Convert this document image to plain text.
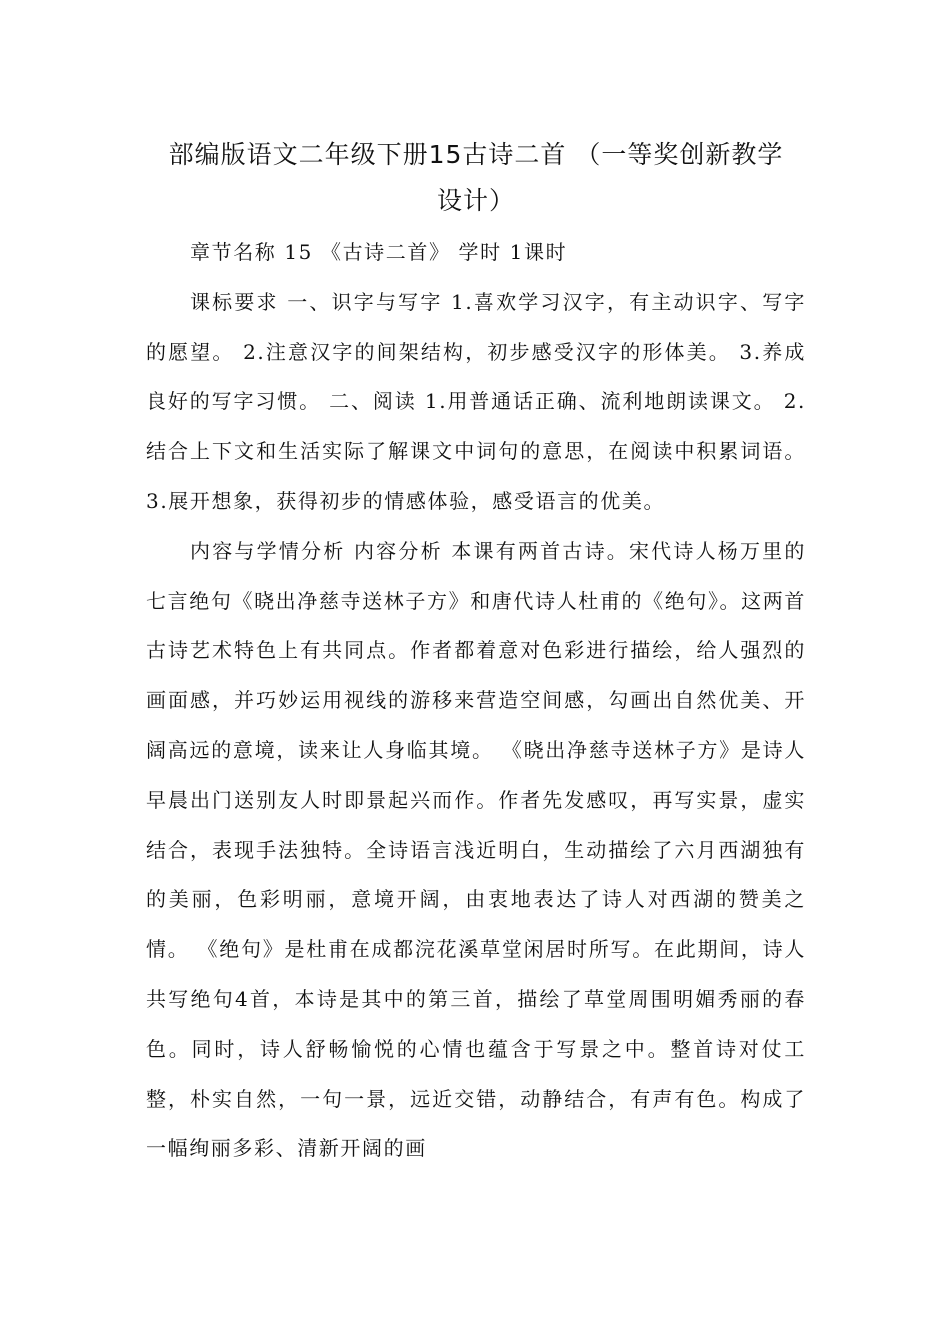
部编版语文二年级下册15古诗二首 （一等奖创新教学
设计）

章节名称 15 《古诗二首》 学时 1课时

课标要求 一、识字与写字 1.喜欢学习汉字，有主动识字、写字的愿望。 2.注意汉字的间架结构，初步感受汉字的形体美。 3.养成良好的写字习惯。 二、阅读 1.用普通话正确、流利地朗读课文。 2.结合上下文和生活实际了解课文中词句的意思，在阅读中积累词语。 3.展开想象，获得初步的情感体验，感受语言的优美。

内容与学情分析 内容分析 本课有两首古诗。宋代诗人杨万里的七言绝句《晓出净慈寺送林子方》和唐代诗人杜甫的《绝句》。这两首古诗艺术特色上有共同点。作者都着意对色彩进行描绘，给人强烈的画面感，并巧妙运用视线的游移来营造空间感，勾画出自然优美、开阔高远的意境，读来让人身临其境。 《晓出净慈寺送林子方》是诗人早晨出门送别友人时即景起兴而作。作者先发感叹，再写实景，虚实结合，表现手法独特。全诗语言浅近明白，生动描绘了六月西湖独有的美丽，色彩明丽，意境开阔，由衷地表达了诗人对西湖的赞美之情。 《绝句》是杜甫在成都浣花溪草堂闲居时所写。在此期间，诗人共写绝句4首，本诗是其中的第三首，描绘了草堂周围明媚秀丽的春色。同时，诗人舒畅愉悦的心情也蕴含于写景之中。整首诗对仗工整，朴实自然，一句一景，远近交错，动静结合，有声有色。构成了一幅绚丽多彩、清新开阔的画
